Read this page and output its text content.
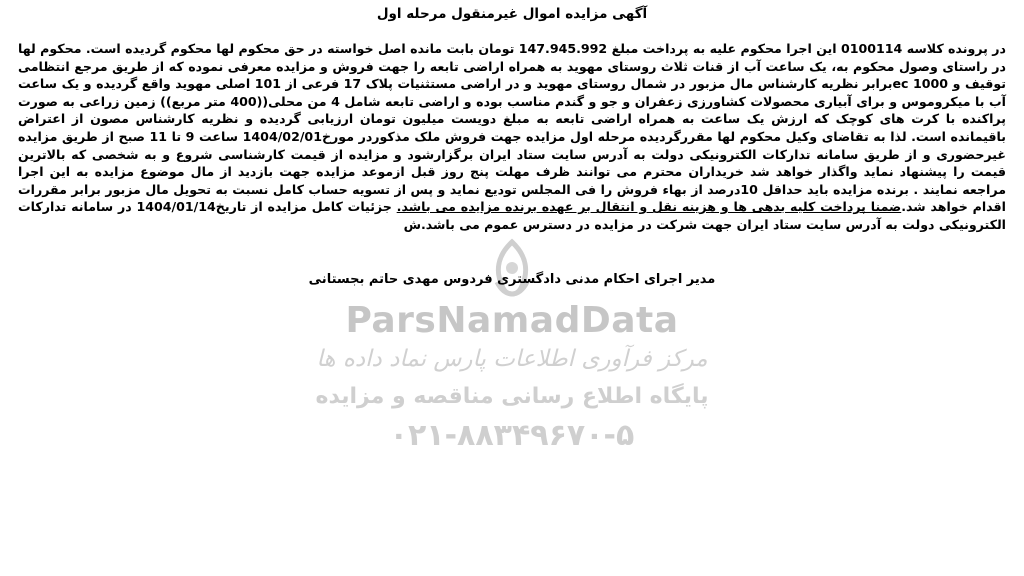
ParsNamadData
مرکز فرآوری اطلاعات پارس نماد داده ها
پایگاه اطلاع رسانی مناقصه و مزایده
۰۲۱-۸۸۳۴۹۶۷۰-۵
آگهی مزایده اموال غیرمنقول مرحله اول

در پرونده کلاسه 0100114 این اجرا محکوم علیه به پرداخت مبلغ 147.945.992 تومان بابت مانده اصل خواسته در حق محکوم لها محکوم گردیده است. محکوم لها در راستای وصول محکوم به، یک ساعت آب از قنات ثلاث روستای مهوید به همراه اراضی تابعه را جهت فروش و مزایده معرفی نموده که از طریق مرجع انتظامی توقیف و 1000 ecبرابر نظریه کارشناس مال مزبور در شمال روستای مهوید و در اراضی مستثنیات پلاک 17 فرعی از 101 اصلی مهوید واقع گردیده و یک ساعت آب با میکروموس و برای آبیاری محصولات کشاورزی زعفران و جو و گندم مناسب بوده و اراضی تابعه شامل 4 من محلی((400 متر مربع)) زمین زراعی به صورت پراکنده با کرت های کوچک که ارزش یک ساعت به همراه اراضی تابعه به مبلغ دویست میلیون تومان ارزیابی گردیده و نظریه کارشناس مصون از اعتراض باقیمانده است. لذا به تقاضای وکیل محکوم لها مقررگردیده مرحله اول مزایده جهت فروش ملک مذکوردر مورخ1404/02/01 ساعت 9 تا 11 صبح از طریق مزایده غیرحضوری و از طریق سامانه تدارکات الکترونیکی دولت به آدرس سایت ستاد ایران برگزارشود و مزایده از قیمت کارشناسی شروع و به شخصی که بالاترین قیمت را پیشنهاد نماید واگذار خواهد شد خریداران محترم می توانند ظرف مهلت پنج روز قبل ازموعد مزایده جهت بازدید از مال موضوع مزایده به این اجرا مراجعه نمایند . برنده مزایده باید حداقل 10درصد از بهاء فروش را فی المجلس تودیع نماید و پس از تسویه حساب کامل نسبت به تحویل مال مزبور برابر مقررات اقدام خواهد شد.ضمنا پرداخت کلیه بدهی ها و هزینه نقل و انتقال بر عهده برنده مزایده می باشد. جزئیات کامل مزایده از تاریخ1404/01/14 در سامانه تدارکات الکترونیکی دولت به آدرس سایت ستاد ایران جهت شرکت در مزایده در دسترس عموم می باشد.ش

مدیر اجرای احکام مدنی دادگستری فردوس مهدی حاتم بجستانی
